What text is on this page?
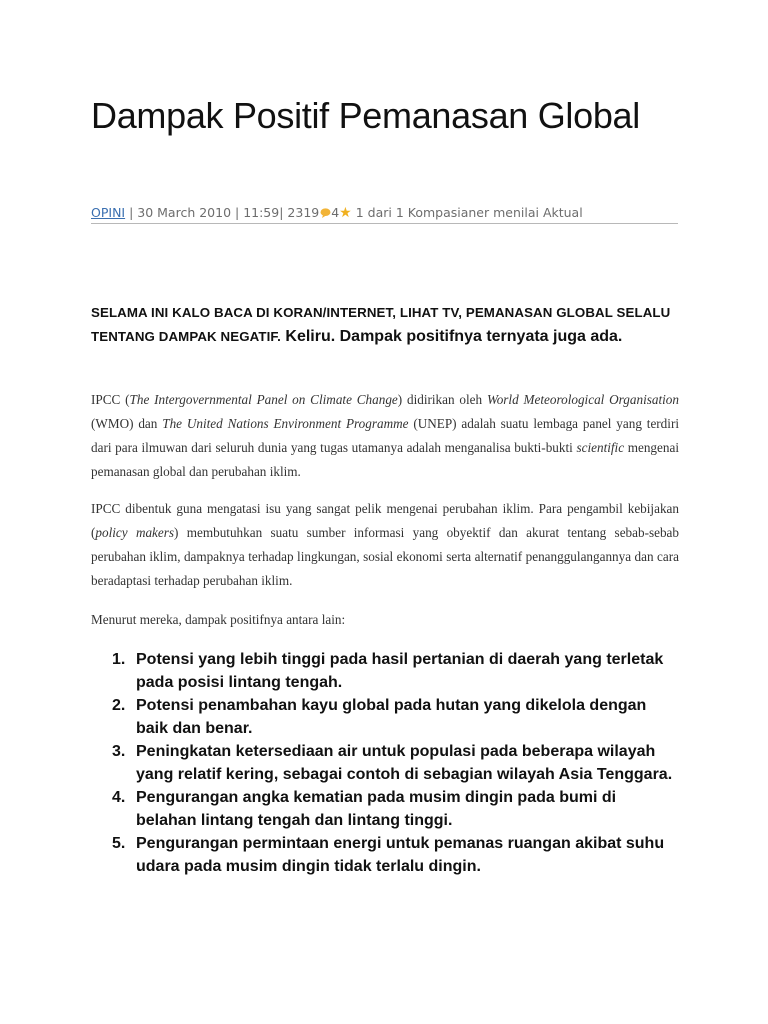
Dampak Positif Pemanasan Global
OPINI | 30 March 2010 | 11:59| 2319 4★ 1 dari 1 Kompasianer menilai Aktual
SELAMA INI KALO BACA DI KORAN/INTERNET, LIHAT TV, PEMANASAN GLOBAL SELALU TENTANG DAMPAK NEGATIF. Keliru. Dampak positifnya ternyata juga ada.

IPCC (The Intergovernmental Panel on Climate Change) didirikan oleh World Meteorological Organisation (WMO) dan The United Nations Environment Programme (UNEP) adalah suatu lembaga panel yang terdiri dari para ilmuwan dari seluruh dunia yang tugas utamanya adalah menganalisa bukti-bukti scientific mengenai pemanasan global dan perubahan iklim.

IPCC dibentuk guna mengatasi isu yang sangat pelik mengenai perubahan iklim. Para pengambil kebijakan (policy makers) membutuhkan suatu sumber informasi yang obyektif dan akurat tentang sebab-sebab perubahan iklim, dampaknya terhadap lingkungan, sosial ekonomi serta alternatif penanggulangannya dan cara beradaptasi terhadap perubahan iklim.

Menurut mereka, dampak positifnya antara lain:

1. Potensi yang lebih tinggi pada hasil pertanian di daerah yang terletak pada posisi lintang tengah.
2. Potensi penambahan kayu global pada hutan yang dikelola dengan baik dan benar.
3. Peningkatan ketersediaan air untuk populasi pada beberapa wilayah yang relatif kering, sebagai contoh di sebagian wilayah Asia Tenggara.
4. Pengurangan angka kematian pada musim dingin pada bumi di belahan lintang tengah dan lintang tinggi.
5. Pengurangan permintaan energi untuk pemanas ruangan akibat suhu udara pada musim dingin tidak terlalu dingin.
